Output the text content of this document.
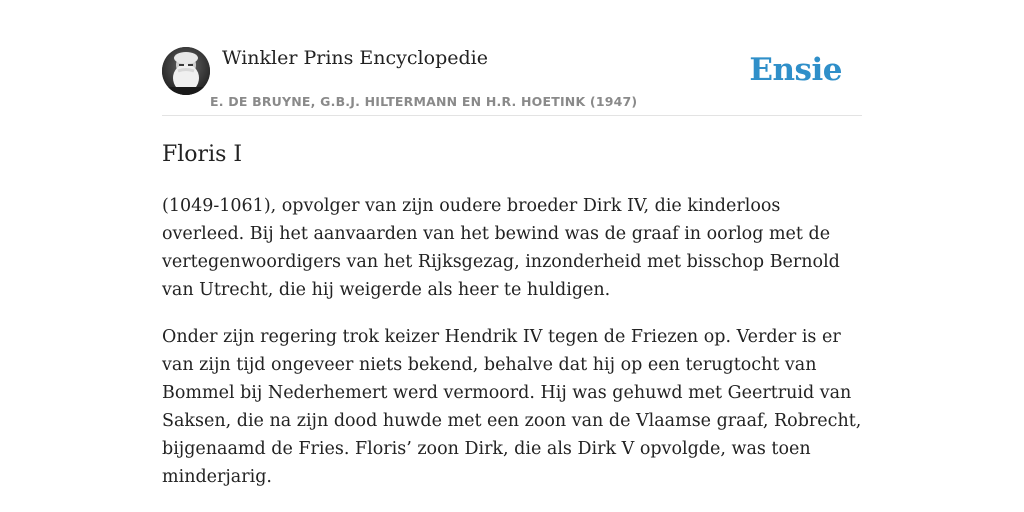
Winkler Prins Encyclopedie
E. DE BRUYNE, G.B.J. HILTERMANN EN H.R. HOETINK (1947)
Ensie
Floris I

(1049-1061), opvolger van zijn oudere broeder Dirk IV, die kinderloos overleed. Bij het aanvaarden van het bewind was de graaf in oorlog met de vertegenwoordigers van het Rijksgezag, inzonderheid met bisschop Bernold van Utrecht, die hij weigerde als heer te huldigen.

Onder zijn regering trok keizer Hendrik IV tegen de Friezen op. Verder is er van zijn tijd ongeveer niets bekend, behalve dat hij op een terugtocht van Bommel bij Nederhemert werd vermoord. Hij was gehuwd met Geertruid van Saksen, die na zijn dood huwde met een zoon van de Vlaamse graaf, Robrecht, bijgenaamd de Fries. Floris’ zoon Dirk, die als Dirk V opvolgde, was toen minderjarig.
